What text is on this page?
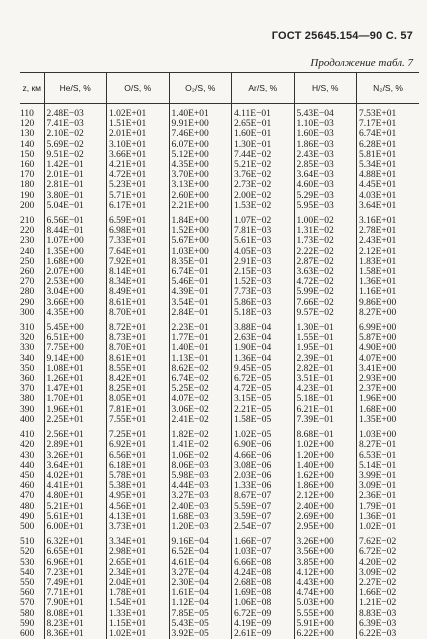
ГОСТ 25645.154—90 С. 57
Продолжение табл. 7
z, км	He/S, %	O/S, %	O₂/S, %	Ar/S, %	H/S, %	N₂/S, %

110	2.48E−03	1.02E+01	1.40E+01	4.11E−01	5.43E−04	7.53E+01
120	7.41E−03	1.51E+01	9.91E+00	2.65E−01	1.10E−03	7.17E+01
130	2.10E−02	2.01E+01	7.46E+00	1.60E−01	1.60E−03	6.74E+01
140	5.69E−02	3.10E+01	6.07E+00	1.30E−01	1.86E−03	6.28E+01
150	9.51E−02	3.66E+01	5.12E+00	7.44E−02	2.43E−03	5.81E+01
160	1.42E−01	4.21E+01	4.35E+00	5.21E−02	2.85E−03	5.34E+01
170	2.01E−01	4.72E+01	3.70E+00	3.76E−02	3.64E−03	4.88E+01
180	2.81E−01	5.23E+01	3.13E+00	2.73E−02	4.60E−03	4.45E+01
190	3.80E−01	5.71E+01	2.60E+00	2.00E−02	5.29E−03	4.03E+01
200	5.04E−01	6.17E+01	2.21E+00	1.53E−02	5.95E−03	3.64E+01

210	6.56E−01	6.59E+01	1.84E+00	1.07E−02	1.00E−02	3.16E+01
220	8.44E−01	6.98E+01	1.52E+00	7.81E−03	1.31E−02	2.78E+01
230	1.07E+00	7.33E+01	5.67E+00	5.61E−03	1.73E−02	2.43E+01
240	1.35E+00	7.64E+01	1.03E+00	4.05E−03	2.22E−02	2.12E+01
250	1.68E+00	7.92E+01	8.35E−01	2.91E−03	2.87E−02	1.83E+01
260	2.07E+00	8.14E+01	6.74E−01	2.15E−03	3.63E−02	1.58E+01
270	2.53E+00	8.34E+01	5.46E−01	1.52E−03	4.72E−02	1.36E+01
280	3.04E+00	8.49E+01	4.39E−01	7.73E−03	5.99E−02	1.16E+01
290	3.66E+00	8.61E+01	3.54E−01	5.86E−03	7.66E−02	9.86E+00
300	4.35E+00	8.70E+01	2.84E−01	5.18E−03	9.57E−02	8.27E+00

310	5.45E+00	8.72E+01	2.23E−01	3.88E−04	1.30E−01	6.99E+00
320	6.51E+00	8.73E+01	1.77E−01	2.63E−04	1.55E−01	5.87E+00
330	7.75E+00	8.70E+01	1.40E−01	1.90E−04	1.95E−01	4.90E+00
340	9.14E+00	8.61E+01	1.13E−01	1.36E−04	2.39E−01	4.07E+00
350	1.08E+01	8.55E+01	8.62E−02	9.45E−05	2.82E−01	3.41E+00
360	1.26E+01	8.42E+01	6.74E−02	6.72E−05	3.51E−01	2.93E+00
370	1.47E+01	8.25E+01	5.25E−02	4.72E−05	4.23E−01	2.37E+00
380	1.70E+01	8.05E+01	4.07E−02	3.15E−05	5.18E−01	1.96E+00
390	1.96E+01	7.81E+01	3.06E−02	2.21E−05	6.21E−01	1.68E+00
400	2.25E+01	7.55E+01	2.41E−02	1.58E−05	7.39E−01	1.35E+00

410	2.56E+01	7.25E+01	1.82E−02	1.02E−05	8.68E−01	1.03E+00
420	2.89E+01	6.92E+01	1.41E−02	6.90E−06	1.02E+00	8.27E−01
430	3.26E+01	6.56E+01	1.06E−02	4.66E−06	1.20E+00	6.53E−01
440	3.64E+01	6.18E+01	8.06E−03	3.08E−06	1.40E+00	5.14E−01
450	4.02E+01	5.78E+01	5.98E−03	2.03E−06	1.62E+00	3.99E−01
460	4.41E+01	5.38E+01	4.44E−03	1.33E−06	1.86E+00	3.09E−01
470	4.80E+01	4.95E+01	3.27E−03	8.67E−07	2.12E+00	2.36E−01
480	5.21E+01	4.56E+01	2.40E−03	5.59E−07	2.40E+00	1.79E−01
490	5.61E+01	4.13E+01	1.68E−03	3.59E−07	2.69E+00	1.36E−01
500	6.00E+01	3.73E+01	1.20E−03	2.54E−07	2.95E+00	1.02E−01

510	6.32E+01	3.34E+01	9.16E−04	1.66E−07	3.26E+00	7.62E−02
520	6.65E+01	2.98E+01	6.52E−04	1.03E−07	3.56E+00	6.72E−02
530	6.96E+01	2.65E+01	4.61E−04	6.66E−08	3.85E+00	4.20E−02
540	7.23E+01	2.34E+01	3.27E−04	4.24E−08	4.12E+00	3.09E−02
550	7.49E+01	2.04E+01	2.30E−04	2.68E−08	4.43E+00	2.27E−02
560	7.71E+01	1.78E+01	1.61E−04	1.69E−08	4.74E+00	1.66E−02
570	7.90E+01	1.54E+01	1.12E−04	1.06E−08	5.03E+00	1.21E−02
580	8.08E+01	1.33E+01	7.85E−05	6.72E−09	5.55E+00	8.83E−03
590	8.23E+01	1.15E+01	5.43E−05	4.19E−09	5.91E+00	6.39E−03
600	8.36E+01	1.02E+01	3.92E−05	2.61E−09	6.22E+00	6.22E−03
